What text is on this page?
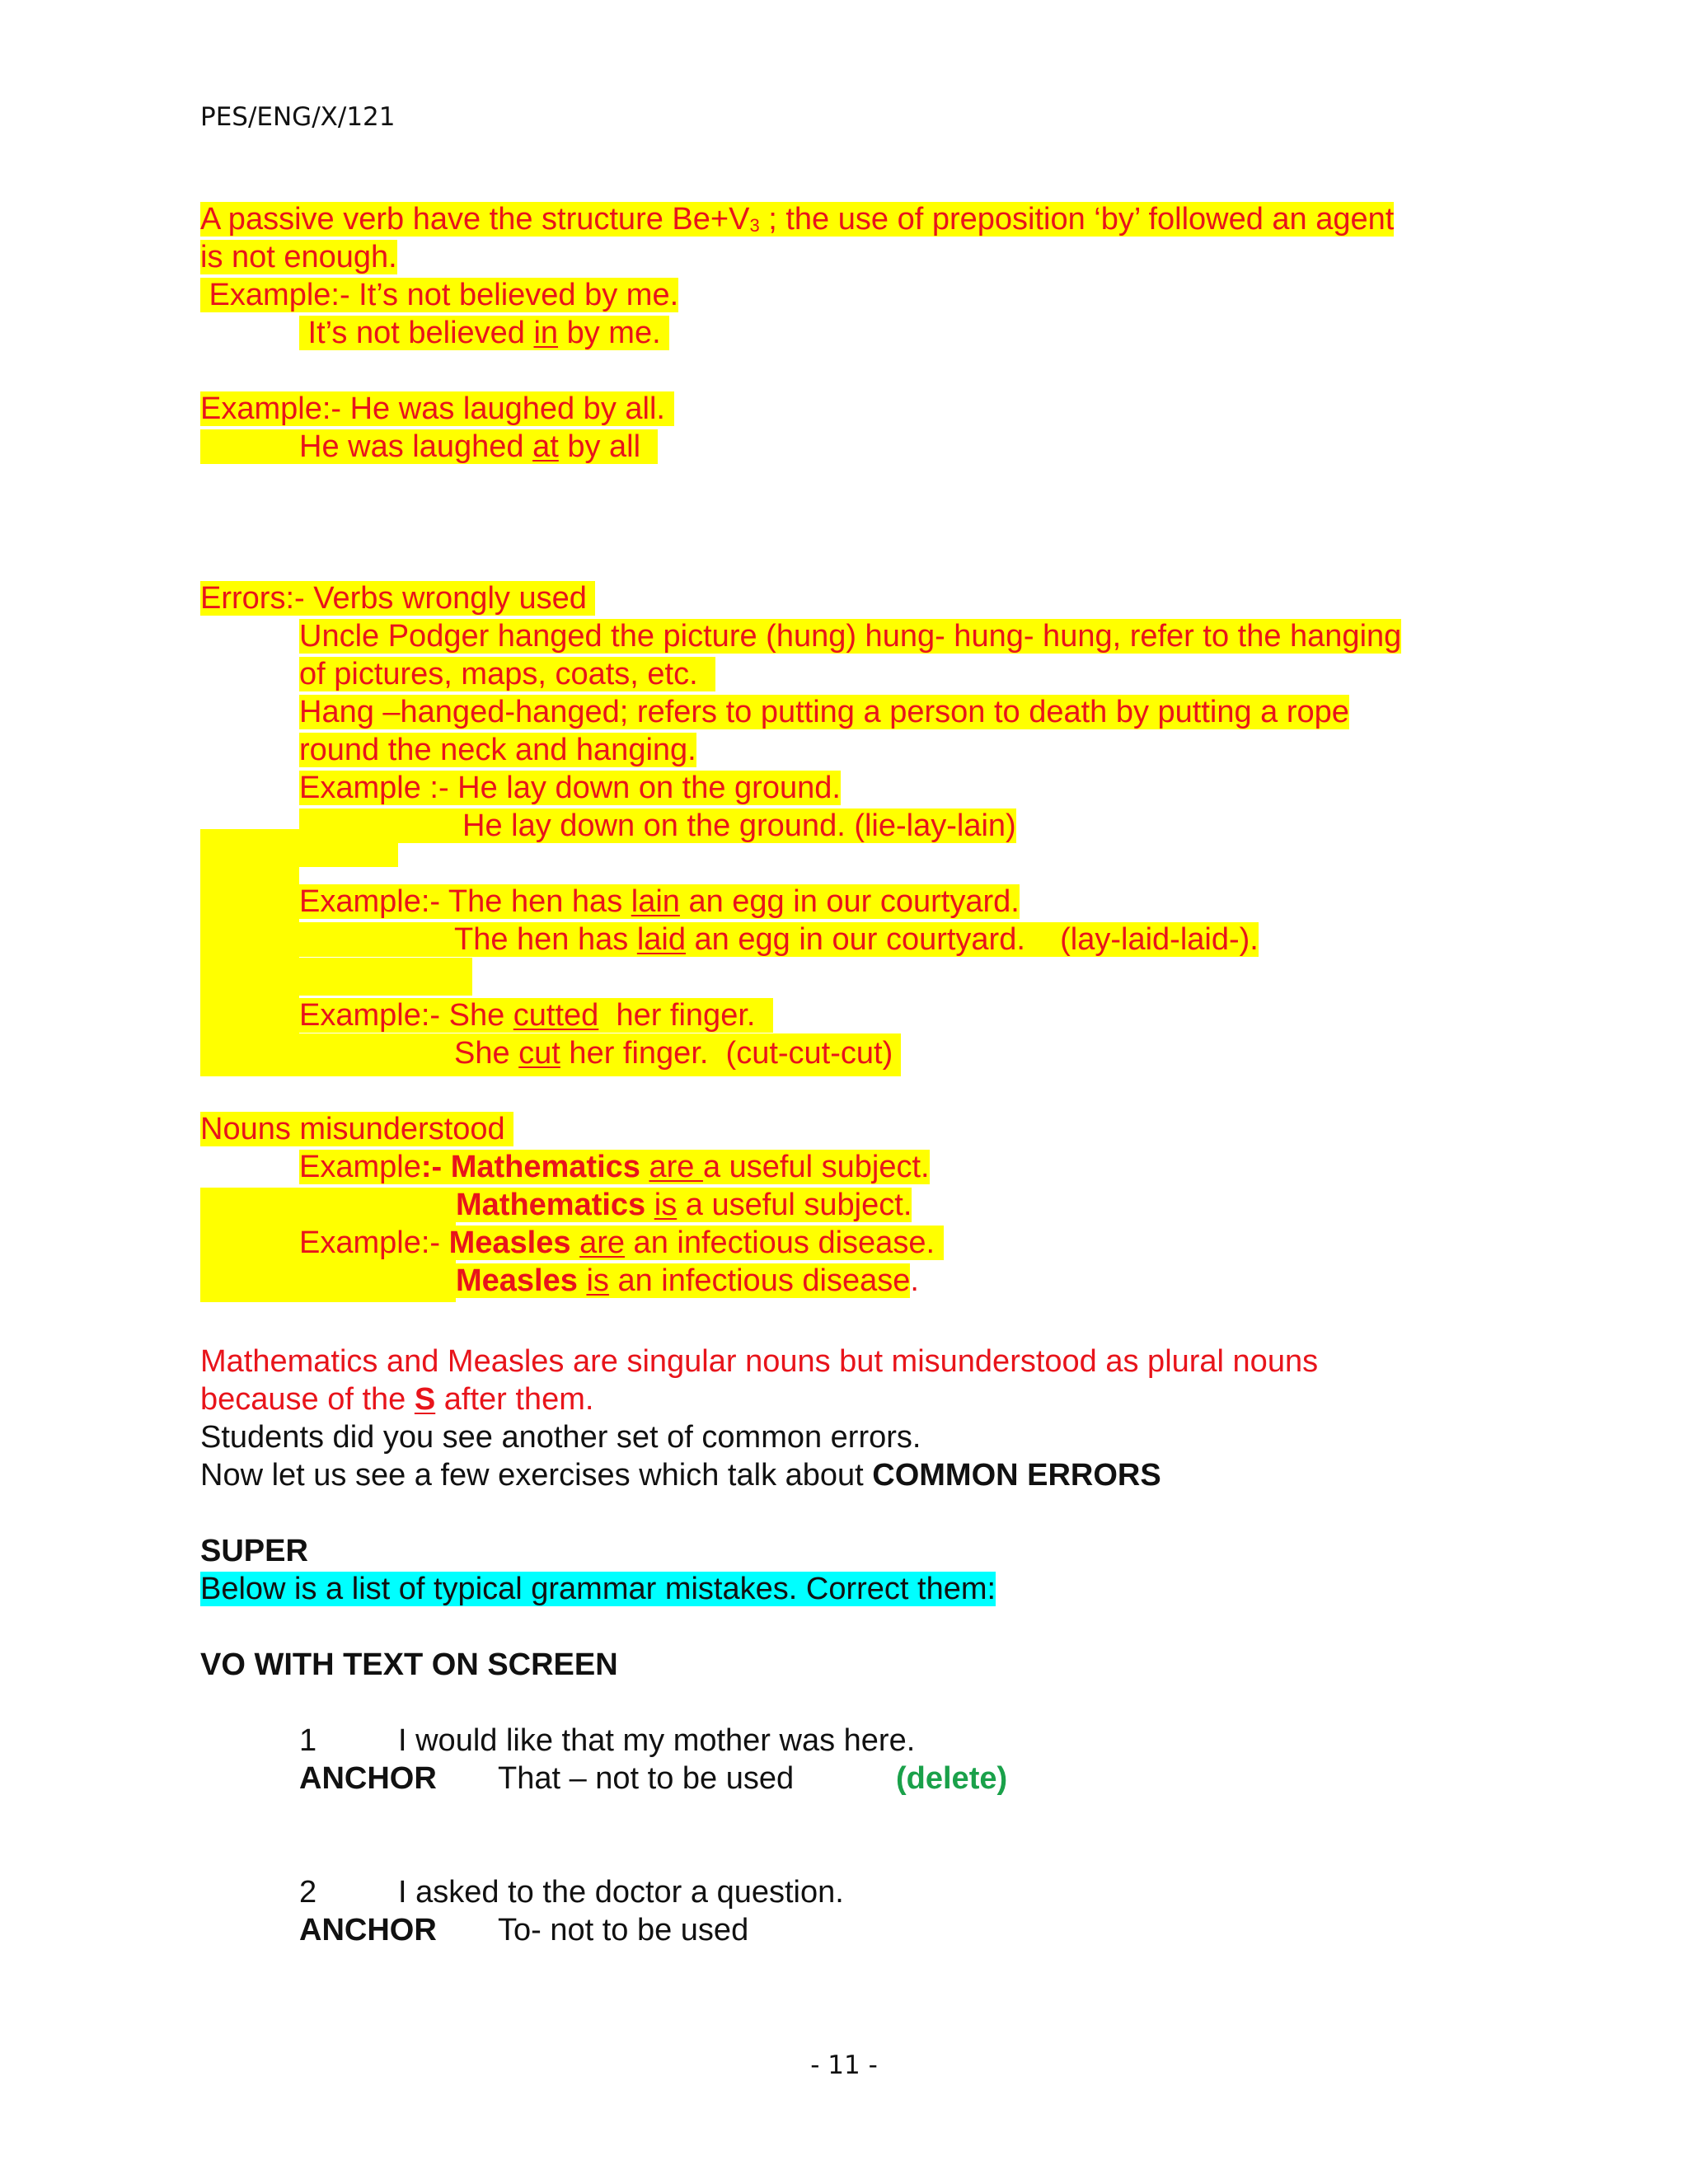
PES/ENG/X/121
A passive verb have the structure $Be+V_3$ ; the use of preposition ‘by’ followed an agent
is not enough.
Example:- It’s not believed by me.
It’s not believed in by me.
Example:- He was laughed by all.
He was laughed at by all
Errors:- Verbs wrongly used
Uncle Podger hanged the picture (hung) hung- hung- hung, refer to the hanging
of pictures, maps, coats, etc.
Hang –hanged-hanged; refers to putting a person to death by putting a rope
round the neck and hanging.
Example :- He lay down on the ground.
He lay down on the ground. (lie-lay-lain)
Example:- The hen has lain an egg in our courtyard.
The hen has laid an egg in our courtyard.    (lay-laid-laid-).
Example:- She cutted  her finger.
She cut her finger.  (cut-cut-cut)
Nouns misunderstood
Example:- Mathematics are a useful subject.
Mathematics is a useful subject.
Example:- Measles are an infectious disease.
Measles is an infectious disease.
Mathematics and Measles are singular nouns but misunderstood as plural nouns
because of the S after them.
Students did you see another set of common errors.
Now let us see a few exercises which talk about COMMON ERRORS
SUPER
Below is a list of typical grammar mistakes. Correct them:
VO WITH TEXT ON SCREEN
1	I would like that my mother was here.
ANCHOR That – not to be used	(delete)
2	I asked to the doctor a question.
ANCHOR To- not to be used
- 11 -
